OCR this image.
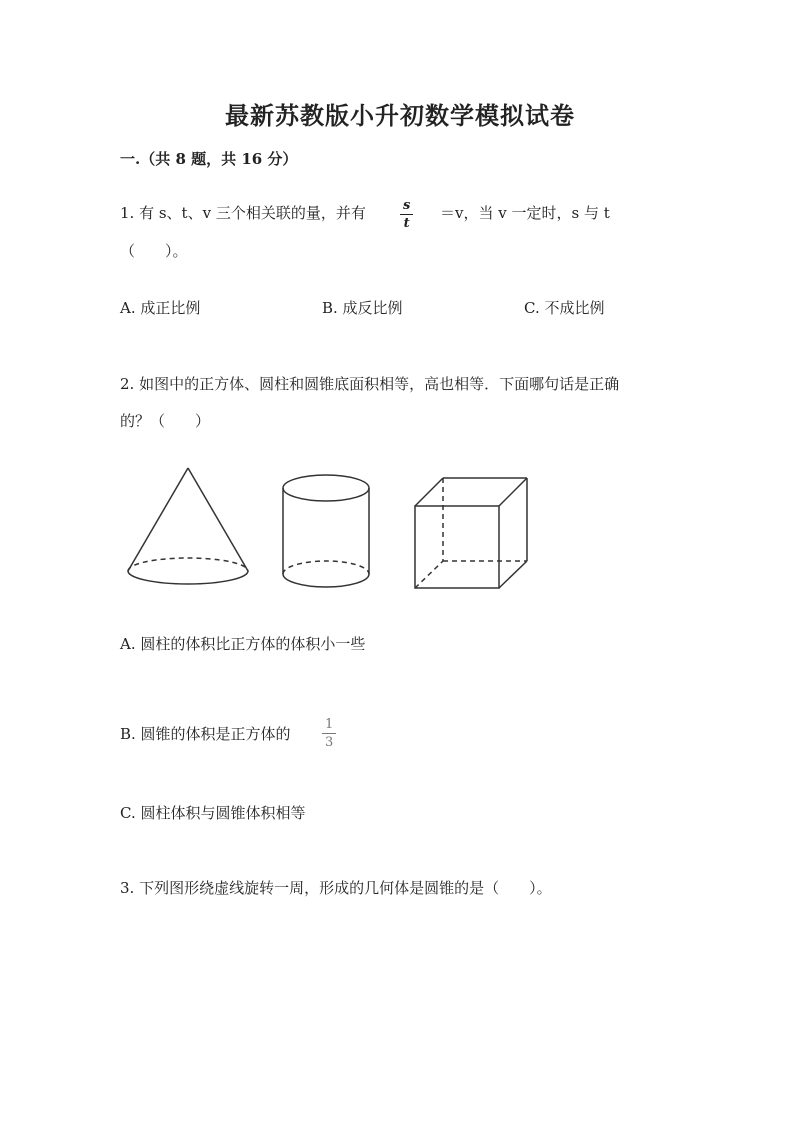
最新苏教版小升初数学模拟试卷
一.（共 8 题，共 16 分）
1. 有 s、t、v 三个相关联的量，并有	$\frac{s}{t} =v$，当 v 一定时，s 与 t
（　　）。
A. 成正比例	B. 成反比例	C. 不成比例
2. 如图中的正方体、圆柱和圆锥底面积相等，高也相等．下面哪句话是正确
的？（　　）
A. 圆柱的体积比正方体的体积小一些
B. 圆锥的体积是正方体的 $\frac{1}{3}$
C. 圆柱体积与圆锥体积相等
3. 下列图形绕虚线旋转一周，形成的几何体是圆锥的是（　　）。
